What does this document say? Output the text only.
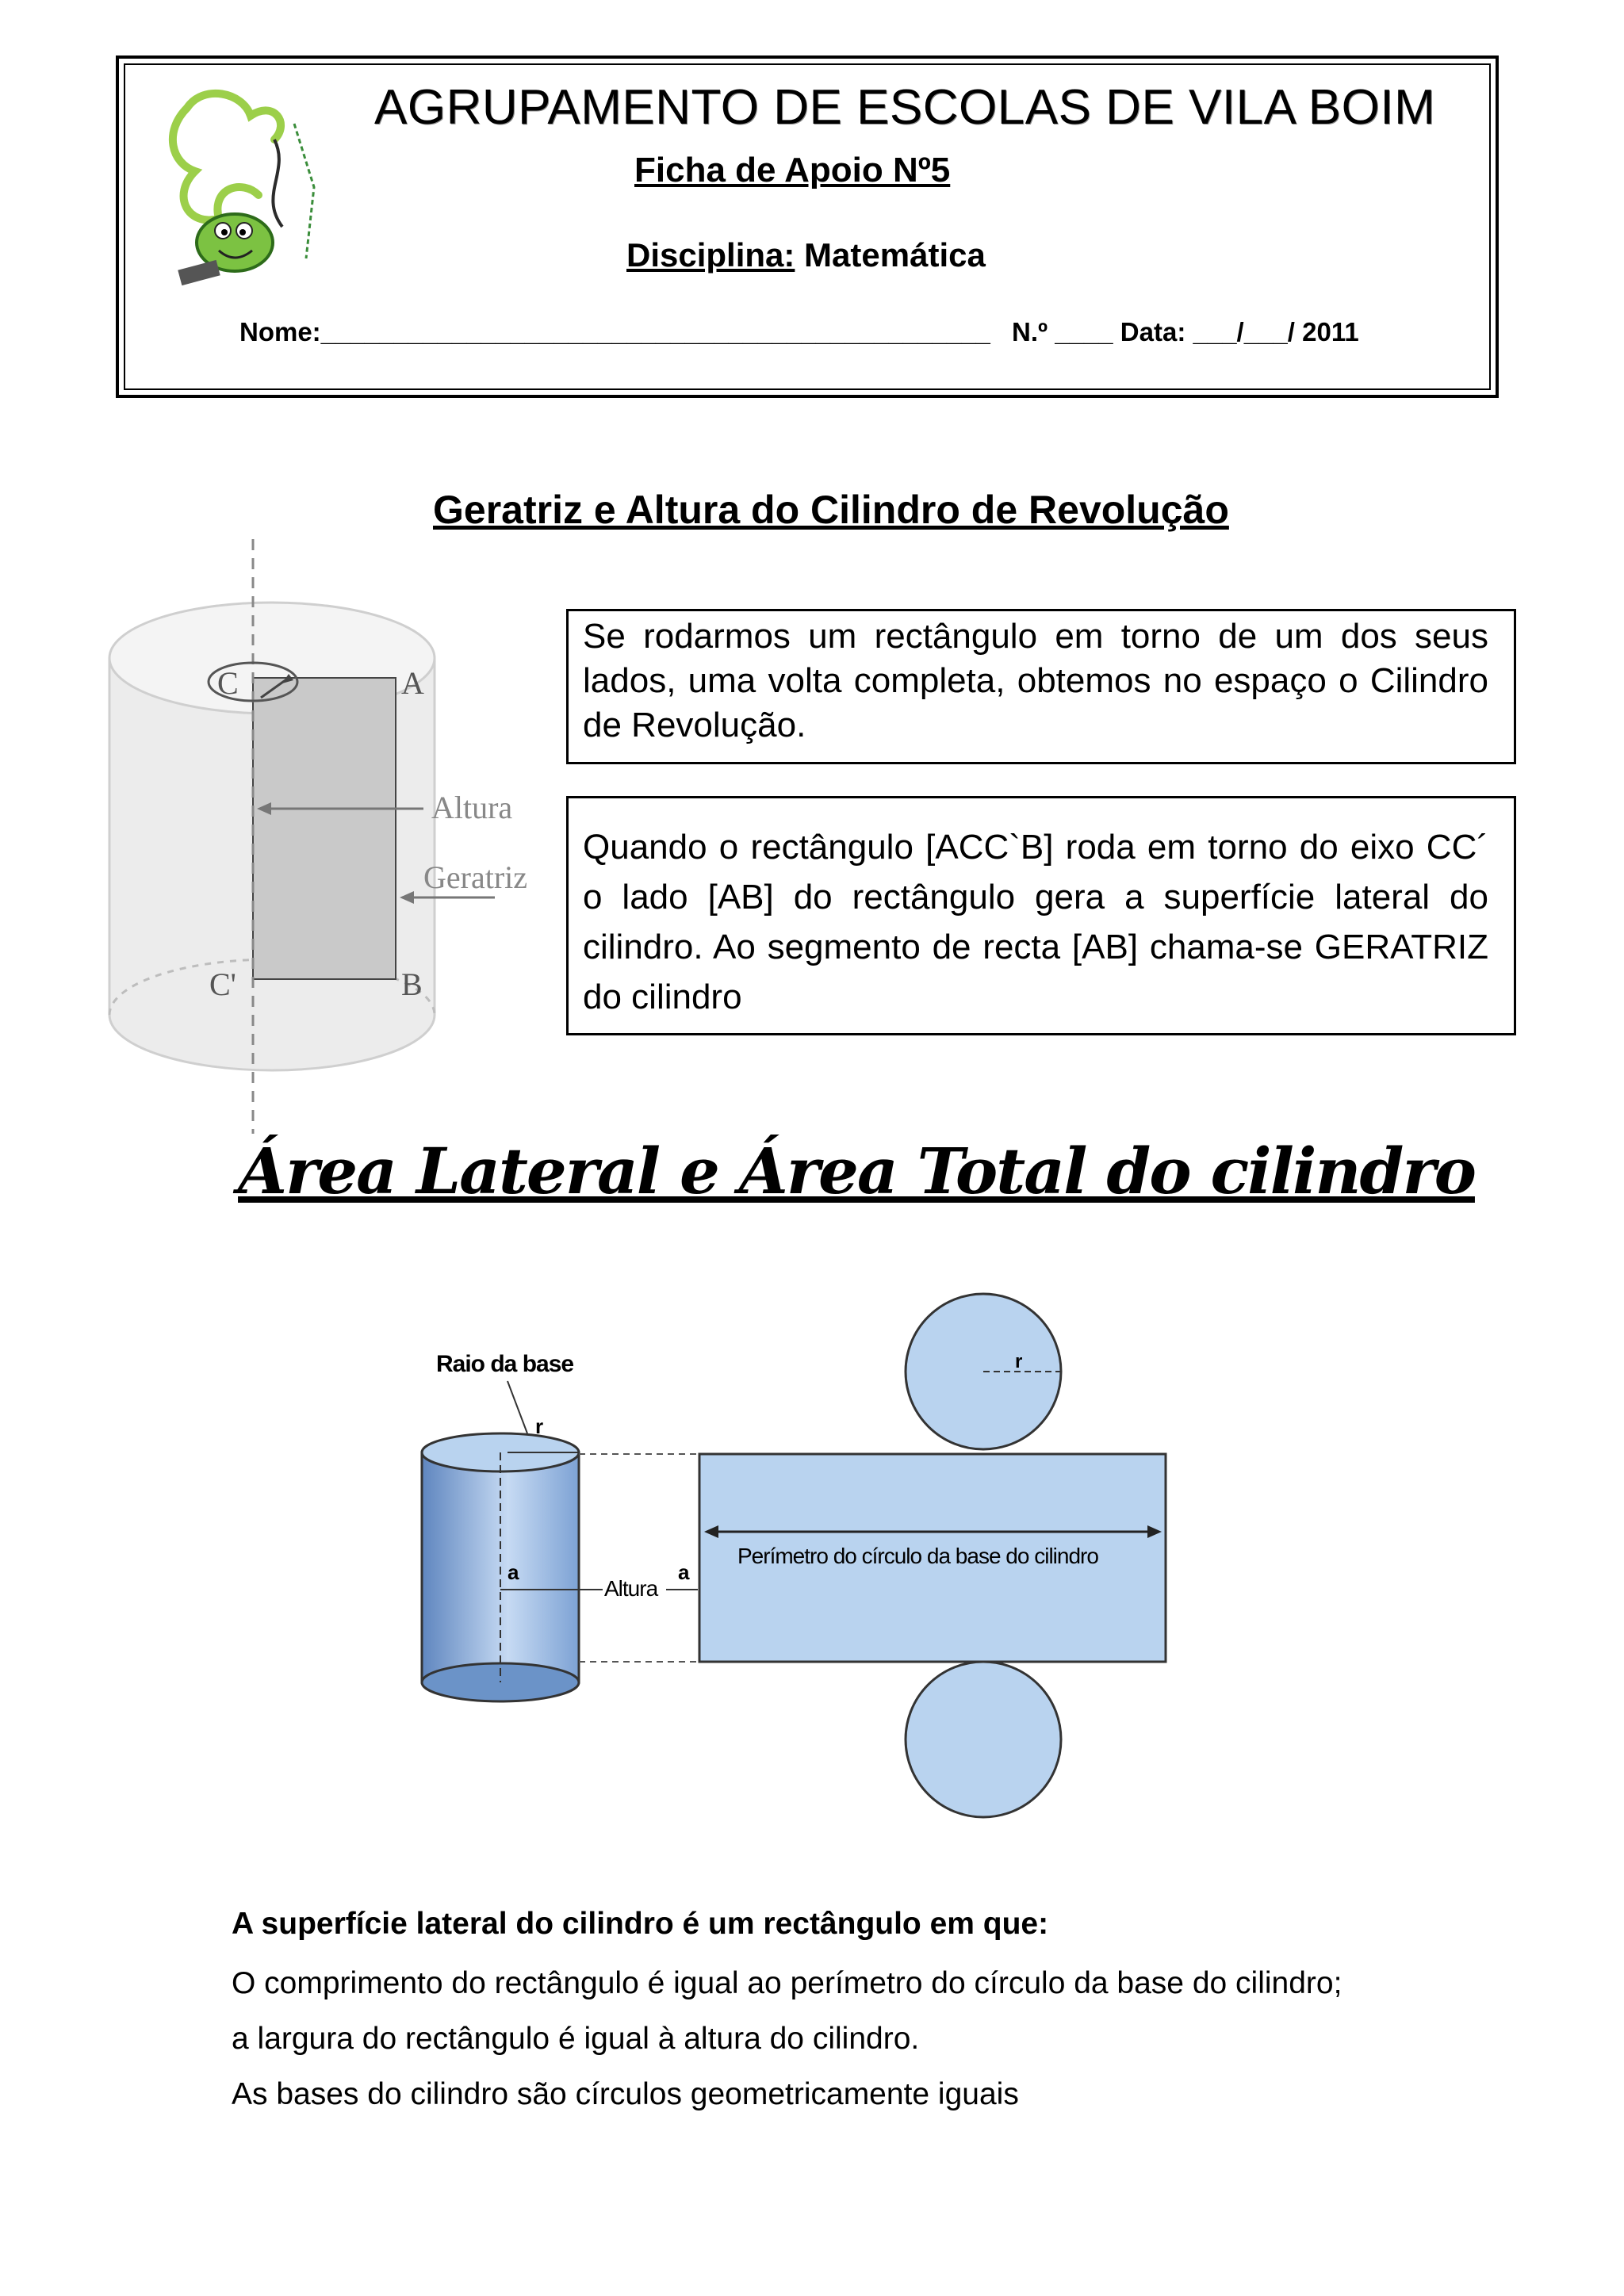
AGRUPAMENTO DE ESCOLAS DE VILA BOIM
Ficha de Apoio Nº5
Disciplina: Matemática
Nome:______________________________________________ N.º ____ Data: ___/___/ 2011
Geratriz e Altura do Cilindro de Revolução
C	A
C'	B
Altura
Geratriz
Se rodarmos um rectângulo em torno de um dos seus lados, uma volta completa, obtemos no espaço o Cilindro de Revolução.
Quando o rectângulo [ACC`B] roda em torno do eixo CC´ o lado [AB] do rectângulo gera a superfície lateral do cilindro. Ao segmento de recta [AB] chama-se GERATRIZ do cilindro
Área Lateral e Área Total do cilindro
r
Perímetro do círculo da base do cilindro
Raio da base
r
a
Altura
a
A superfície lateral do cilindro é um rectângulo em que:
O comprimento do rectângulo é igual ao perímetro do círculo da base do cilindro;
a largura do rectângulo é igual à altura do cilindro.
As bases do cilindro são círculos geometricamente iguais
